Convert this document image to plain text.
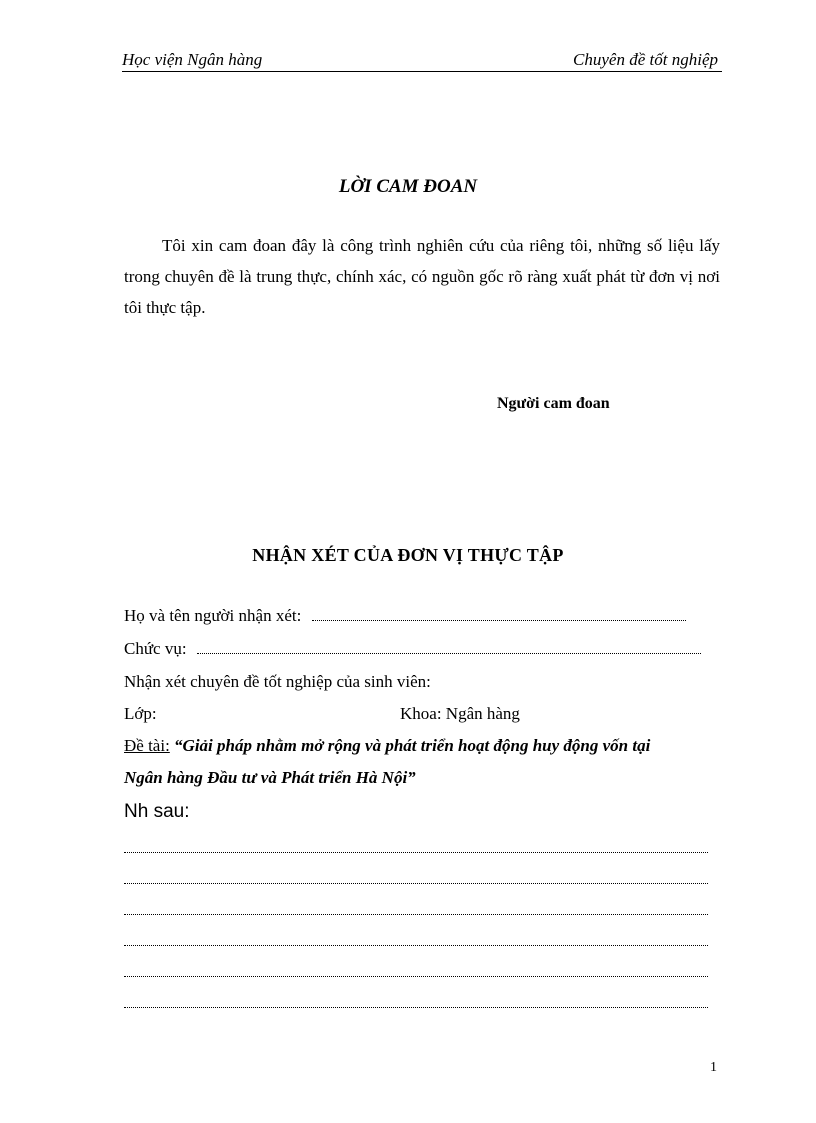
Học viện Ngân hàng	Chuyên đề tốt nghiệp
LỜI CAM ĐOAN
Tôi xin cam đoan đây là công trình nghiên cứu của riêng tôi, những số liệu lấy trong chuyên đề là trung thực, chính xác, có nguồn gốc rõ ràng xuất phát từ đơn vị nơi tôi thực tập.
Người cam đoan
NHẬN XÉT CỦA ĐƠN VỊ THỰC TẬP
Họ và tên người nhận xét:
Chức vụ:
Nhận xét chuyên đề tốt nghiệp của sinh viên:
Lớp:	Khoa: Ngân hàng
Đề tài: “Giải pháp nhằm mở rộng và phát triển hoạt động huy động vốn tại
Ngân hàng Đầu tư và Phát triển Hà Nội”
Nh sau:
1
